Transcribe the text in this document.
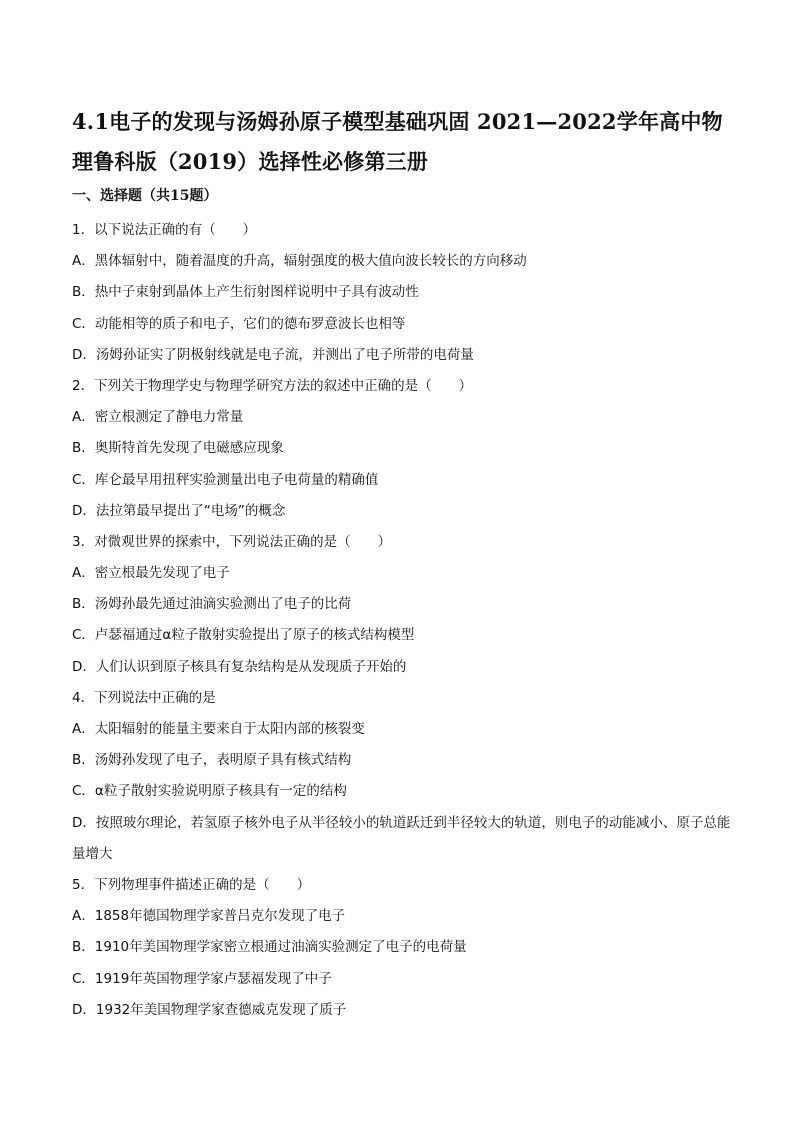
4.1电子的发现与汤姆孙原子模型基础巩固 2021—2022学年高中物理鲁科版（2019）选择性必修第三册
一、选择题（共15题）
1．以下说法正确的有（　　）
A．黑体辐射中，随着温度的升高，辐射强度的极大值向波长较长的方向移动
B．热中子束射到晶体上产生衍射图样说明中子具有波动性
C．动能相等的质子和电子，它们的德布罗意波长也相等
D．汤姆孙证实了阴极射线就是电子流，并测出了电子所带的电荷量
2．下列关于物理学史与物理学研究方法的叙述中正确的是（　　）
A．密立根测定了静电力常量
B．奥斯特首先发现了电磁感应现象
C．库仑最早用扭秤实验测量出电子电荷量的精确值
D．法拉第最早提出了“电场”的概念
3．对微观世界的探索中，下列说法正确的是（　　）
A．密立根最先发现了电子
B．汤姆孙最先通过油滴实验测出了电子的比荷
C．卢瑟福通过α粒子散射实验提出了原子的核式结构模型
D．人们认识到原子核具有复杂结构是从发现质子开始的
4．下列说法中正确的是
A．太阳辐射的能量主要来自于太阳内部的核裂变
B．汤姆孙发现了电子，表明原子具有核式结构
C．α粒子散射实验说明原子核具有一定的结构
D．按照玻尔理论，若氢原子核外电子从半径较小的轨道跃迁到半径较大的轨道，则电子的动能减小、原子总能量增大
5．下列物理事件描述正确的是（　　）
A．1858年德国物理学家普吕克尔发现了电子
B．1910年美国物理学家密立根通过油滴实验测定了电子的电荷量
C．1919年英国物理学家卢瑟福发现了中子
D．1932年美国物理学家查德威克发现了质子
